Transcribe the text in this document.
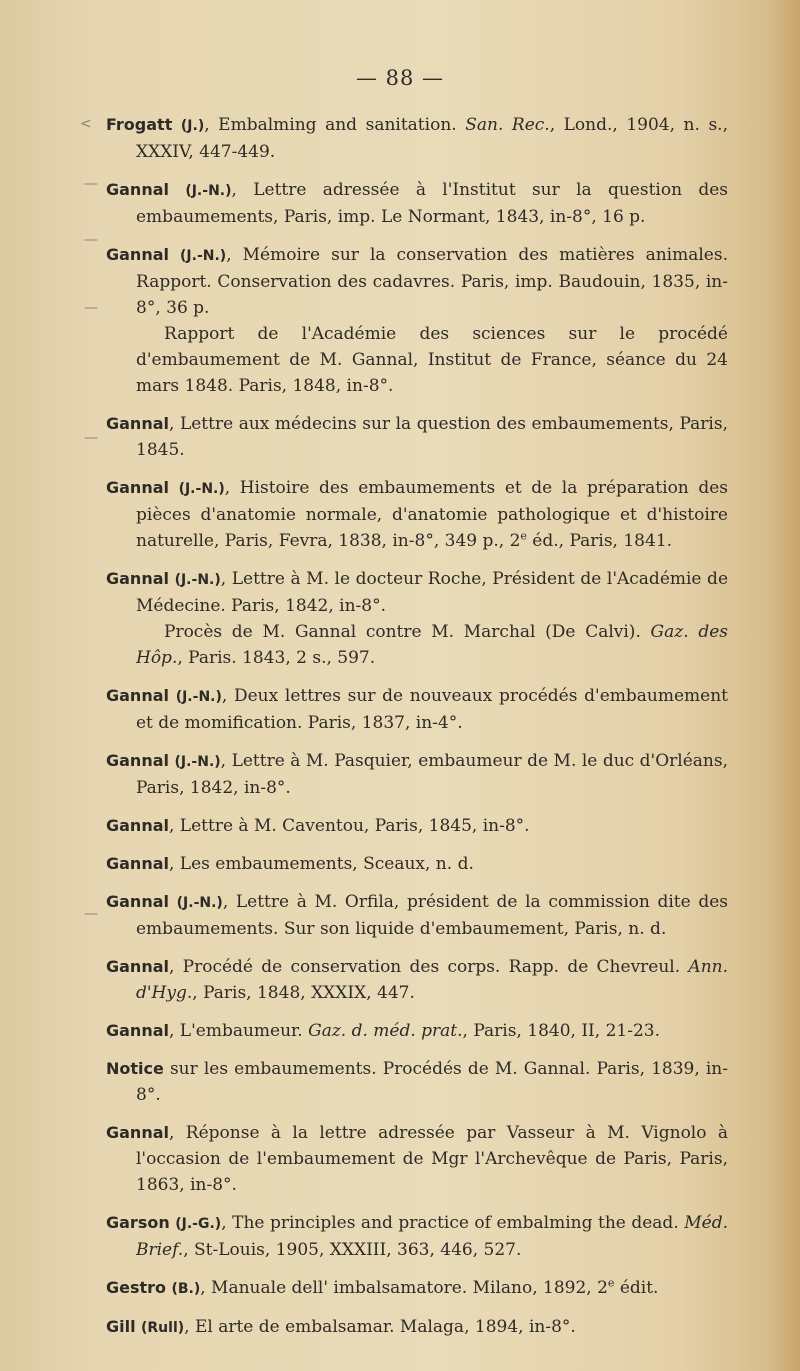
— 88 —
<
—
—
—
—
—

Frogatt (J.), Embalming and sanitation. San. Rec., Lond., 1904, n. s., XXXIV, 447-449.

Gannal (J.-N.), Lettre adressée à l'Institut sur la question des embaumements, Paris, imp. Le Normant, 1843, in-8°, 16 p.

Gannal (J.-N.), Mémoire sur la conservation des matières animales. Rapport. Conservation des cadavres. Paris, imp. Baudouin, 1835, in-8°, 36 p.

Rapport de l'Académie des sciences sur le procédé d'embaumement de M. Gannal, Institut de France, séance du 24 mars 1848. Paris, 1848, in-8°.

Gannal, Lettre aux médecins sur la question des embaumements, Paris, 1845.

Gannal (J.-N.), Histoire des embaumements et de la préparation des pièces d'anatomie normale, d'anatomie pathologique et d'histoire naturelle, Paris, Fevra, 1838, in-8°, 349 p., 2e éd., Paris, 1841.

Gannal (J.-N.), Lettre à M. le docteur Roche, Président de l'Académie de Médecine. Paris, 1842, in-8°.

Procès de M. Gannal contre M. Marchal (De Calvi). Gaz. des Hôp., Paris. 1843, 2 s., 597.

Gannal (J.-N.), Deux lettres sur de nouveaux procédés d'embaumement et de momification. Paris, 1837, in-4°.

Gannal (J.-N.), Lettre à M. Pasquier, embaumeur de M. le duc d'Orléans, Paris, 1842, in-8°.

Gannal, Lettre à M. Caventou, Paris, 1845, in-8°.

Gannal, Les embaumements, Sceaux, n. d.

Gannal (J.-N.), Lettre à M. Orfila, président de la commission dite des embaumements. Sur son liquide d'embaumement, Paris, n. d.

Gannal, Procédé de conservation des corps. Rapp. de Chevreul. Ann. d'Hyg., Paris, 1848, XXXIX, 447.

Gannal, L'embaumeur. Gaz. d. méd. prat., Paris, 1840, II, 21-23.

Notice sur les embaumements. Procédés de M. Gannal. Paris, 1839, in-8°.

Gannal, Réponse à la lettre adressée par Vasseur à M. Vignolo à l'occasion de l'embaumement de Mgr l'Archevêque de Paris, Paris, 1863, in-8°.

Garson (J.-G.), The principles and practice of embalming the dead. Méd. Brief., St-Louis, 1905, XXXIII, 363, 446, 527.

Gestro (B.), Manuale dell' imbalsamatore. Milano, 1892, 2e édit.

Gill (Rull), El arte de embalsamar. Malaga, 1894, in-8°.
